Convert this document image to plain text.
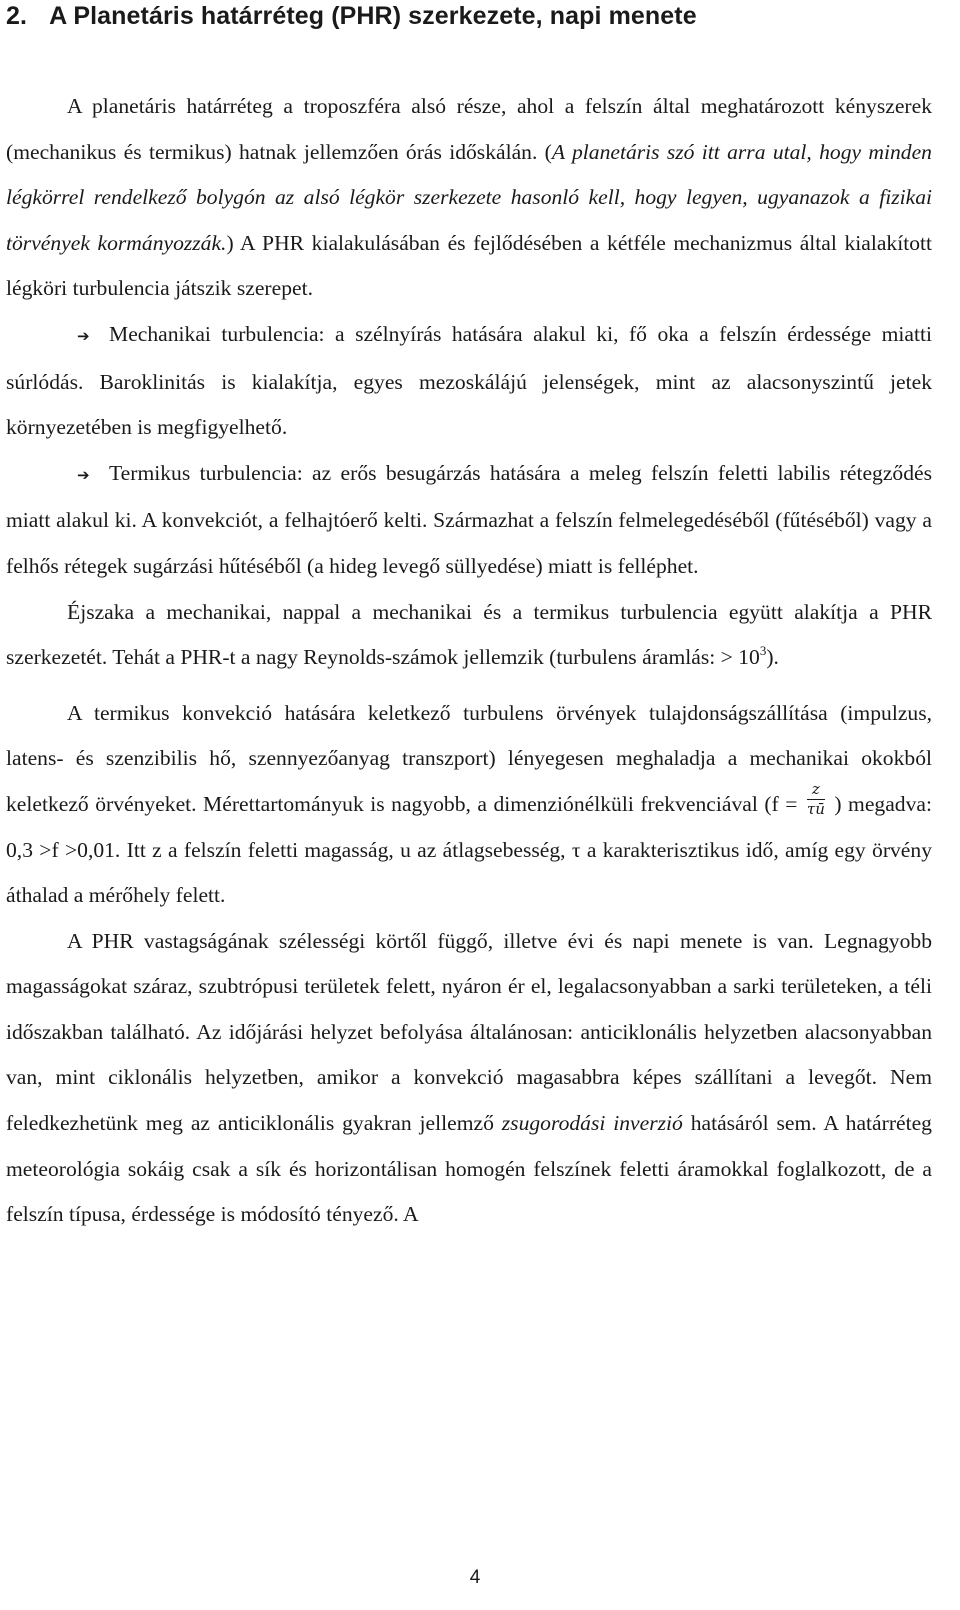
2. A Planetáris határréteg (PHR) szerkezete, napi menete

A planetáris határréteg a troposzféra alsó része, ahol a felszín által meghatározott kényszerek (mechanikus és termikus) hatnak jellemzően órás időskálán. (A planetáris szó itt arra utal, hogy minden légkörrel rendelkező bolygón az alsó légkör szerkezete hasonló kell, hogy legyen, ugyanazok a fizikai törvények kormányozzák.) A PHR kialakulásában és fejlődésében a kétféle mechanizmus által kialakított légköri turbulencia játszik szerepet.

➔ Mechanikai turbulencia: a szélnyírás hatására alakul ki, fő oka a felszín érdessége miatti súrlódás. Baroklinitás is kialakítja, egyes mezoskálájú jelenségek, mint az alacsonyszintű jetek környezetében is megfigyelhető.

➔ Termikus turbulencia: az erős besugárzás hatására a meleg felszín feletti labilis rétegződés miatt alakul ki. A konvekciót, a felhajtóerő kelti. Származhat a felszín felmelegedéséből (fűtéséből) vagy a felhős rétegek sugárzási hűtéséből (a hideg levegő süllyedése) miatt is felléphet.

Éjszaka a mechanikai, nappal a mechanikai és a termikus turbulencia együtt alakítja a PHR szerkezetét. Tehát a PHR-t a nagy Reynolds-számok jellemzik (turbulens áramlás: > $10^3$).

A termikus konvekció hatására keletkező turbulens örvények tulajdonságszállítása (impulzus, latens- és szenzibilis hő, szennyezőanyag transzport) lényegesen meghaladja a mechanikai okokból keletkező örvényeket. Mérettartományuk is nagyobb, a dimenziónélküli frekvenciával ($f = \frac{z}{\tau ū}$ ) megadva: 0,3 >f >0,01. Itt z a felszín feletti magasság, u az átlagsebesség, τ a karakterisztikus idő, amíg egy örvény áthalad a mérőhely felett.

A PHR vastagságának szélességi körtől függő, illetve évi és napi menete is van. Legnagyobb magasságokat száraz, szubtrópusi területek felett, nyáron ér el, legalacsonyabban a sarki területeken, a téli időszakban található. Az időjárási helyzet befolyása általánosan: anticiklonális helyzetben alacsonyabban van, mint ciklonális helyzetben, amikor a konvekció magasabbra képes szállítani a levegőt. Nem feledkezhetünk meg az anticiklonális gyakran jellemző zsugorodási inverzió hatásáról sem. A határréteg meteorológia sokáig csak a sík és horizontálisan homogén felszínek feletti áramokkal foglalkozott, de a felszín típusa, érdessége is módosító tényező. A

4
